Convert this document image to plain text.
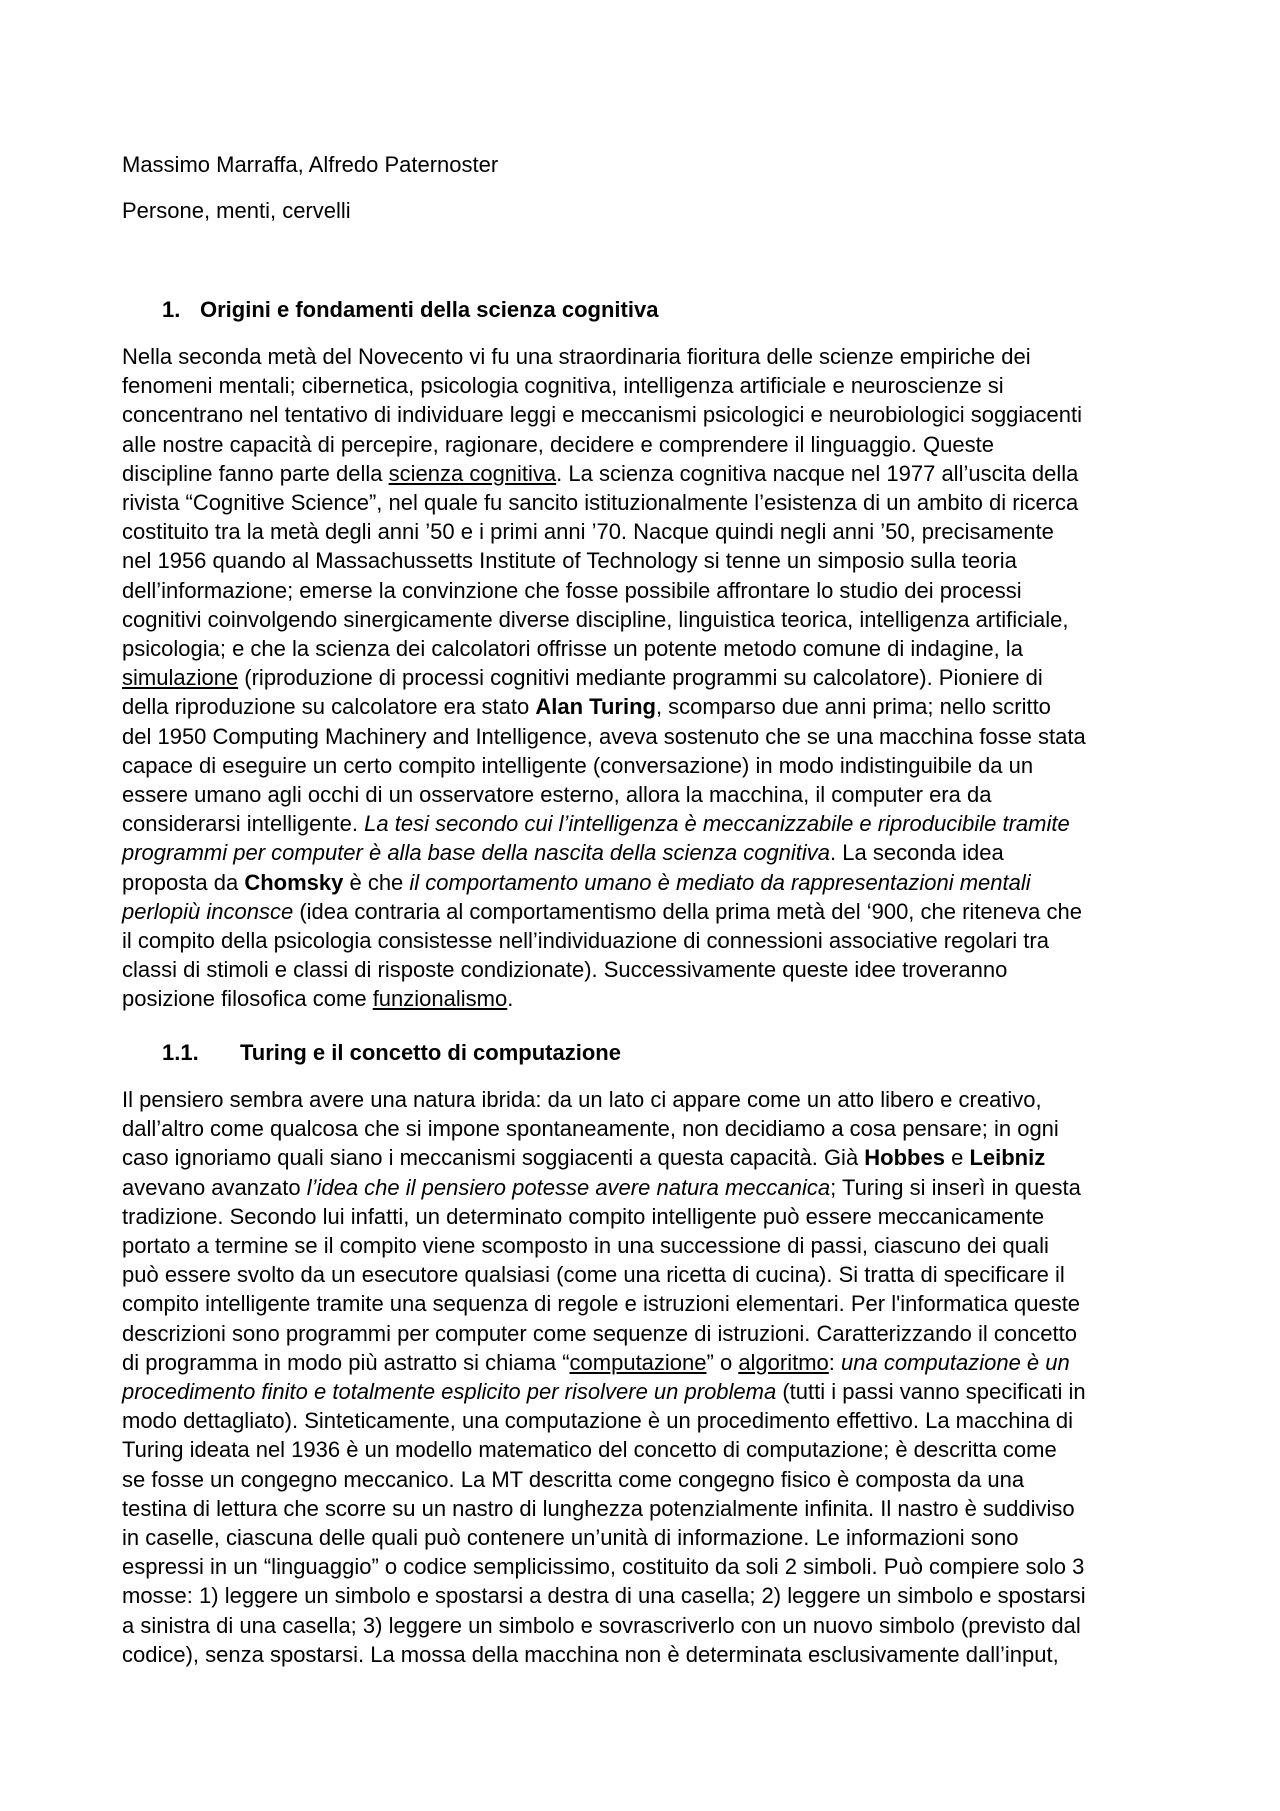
Massimo Marraffa, Alfredo Paternoster

Persone, menti, cervelli

1. Origini e fondamenti della scienza cognitiva
Nella seconda metà del Novecento vi fu una straordinaria fioritura delle scienze empiriche dei
fenomeni mentali; cibernetica, psicologia cognitiva, intelligenza artificiale e neuroscienze si
concentrano nel tentativo di individuare leggi e meccanismi psicologici e neurobiologici soggiacenti
alle nostre capacità di percepire, ragionare, decidere e comprendere il linguaggio. Queste
discipline fanno parte della scienza cognitiva. La scienza cognitiva nacque nel 1977 all’uscita della
rivista “Cognitive Science”, nel quale fu sancito istituzionalmente l’esistenza di un ambito di ricerca
costituito tra la metà degli anni ’50 e i primi anni ’70. Nacque quindi negli anni ’50, precisamente
nel 1956 quando al Massachussetts Institute of Technology si tenne un simposio sulla teoria
dell’informazione; emerse la convinzione che fosse possibile affrontare lo studio dei processi
cognitivi coinvolgendo sinergicamente diverse discipline, linguistica teorica, intelligenza artificiale,
psicologia; e che la scienza dei calcolatori offrisse un potente metodo comune di indagine, la
simulazione (riproduzione di processi cognitivi mediante programmi su calcolatore). Pioniere di
della riproduzione su calcolatore era stato Alan Turing, scomparso due anni prima; nello scritto
del 1950 Computing Machinery and Intelligence, aveva sostenuto che se una macchina fosse stata
capace di eseguire un certo compito intelligente (conversazione) in modo indistinguibile da un
essere umano agli occhi di un osservatore esterno, allora la macchina, il computer era da
considerarsi intelligente. La tesi secondo cui l’intelligenza è meccanizzabile e riproducibile tramite
programmi per computer è alla base della nascita della scienza cognitiva. La seconda idea
proposta da Chomsky è che il comportamento umano è mediato da rappresentazioni mentali
perlopiù inconsce (idea contraria al comportamentismo della prima metà del ‘900, che riteneva che
il compito della psicologia consistesse nell’individuazione di connessioni associative regolari tra
classi di stimoli e classi di risposte condizionate). Successivamente queste idee troveranno
posizione filosofica come funzionalismo.
1.1. Turing e il concetto di computazione
Il pensiero sembra avere una natura ibrida: da un lato ci appare come un atto libero e creativo,
dall’altro come qualcosa che si impone spontaneamente, non decidiamo a cosa pensare; in ogni
caso ignoriamo quali siano i meccanismi soggiacenti a questa capacità. Già Hobbes e Leibniz
avevano avanzato l’idea che il pensiero potesse avere natura meccanica; Turing si inserì in questa
tradizione. Secondo lui infatti, un determinato compito intelligente può essere meccanicamente
portato a termine se il compito viene scomposto in una successione di passi, ciascuno dei quali
può essere svolto da un esecutore qualsiasi (come una ricetta di cucina). Si tratta di specificare il
compito intelligente tramite una sequenza di regole e istruzioni elementari. Per l'informatica queste
descrizioni sono programmi per computer come sequenze di istruzioni. Caratterizzando il concetto
di programma in modo più astratto si chiama “computazione” o algoritmo: una computazione è un
procedimento finito e totalmente esplicito per risolvere un problema (tutti i passi vanno specificati in
modo dettagliato). Sinteticamente, una computazione è un procedimento effettivo. La macchina di
Turing ideata nel 1936 è un modello matematico del concetto di computazione; è descritta come
se fosse un congegno meccanico. La MT descritta come congegno fisico è composta da una
testina di lettura che scorre su un nastro di lunghezza potenzialmente infinita. Il nastro è suddiviso
in caselle, ciascuna delle quali può contenere un’unità di informazione. Le informazioni sono
espressi in un “linguaggio” o codice semplicissimo, costituito da soli 2 simboli. Può compiere solo 3
mosse: 1) leggere un simbolo e spostarsi a destra di una casella; 2) leggere un simbolo e spostarsi
a sinistra di una casella; 3) leggere un simbolo e sovrascriverlo con un nuovo simbolo (previsto dal
codice), senza spostarsi. La mossa della macchina non è determinata esclusivamente dall’input,
